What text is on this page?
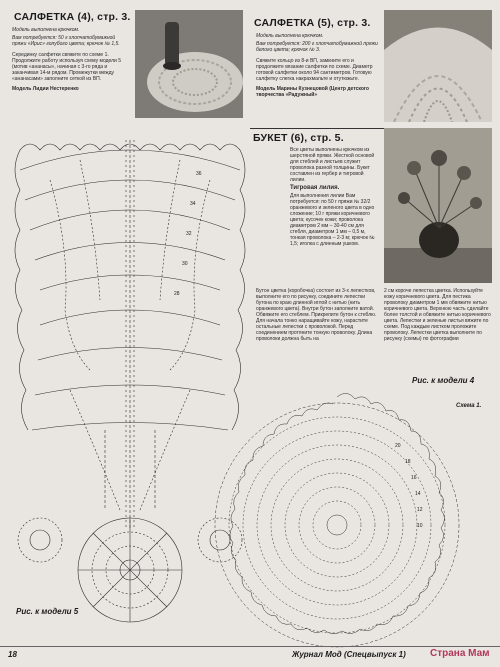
САЛФЕТКА (4), стр. 3.

Модель выполнена крючком.

Вам потребуется: 50 г хлопчатобумажной пряжи «Ирис» голубого цвета; крючок № 1,5.

Серединку салфетки свяжите по схеме 1. Продолжите работу используя схему модели 5 (мотив «ананасы», начиная с 3-го ряда и заканчивая 14-м рядом. Промежутки между «ананасами» заполните сеткой из ВП.

Модель Лидии Нестеренко

САЛФЕТКА (5), стр. 3.

Модель выполнена крючком.

Вам потребуется: 200 г хлопчатобумажной пряжи белого цвета; крючок № 3.

Свяжите кольцо из 8-и ВП, замкните его и продолжите вязание салфетки по схеме. Диаметр готовой салфетки около 94 сантиметров. Готовую салфетку слегка накрахмальте и отутюжьте.

Модель Марины Кузнецовой (Центр детского творчества «Радужный»

36
34
32
30
28
БУКЕТ (6), стр. 5.

Все цветы выполнены крючком из шерстяной пряжи. Жесткой основой для стеблей и листьев служит проволока разной толщины. Букет составлен из гербер и тигровой лилии.

Тигровая лилия.

Для выполнения лилии Вам потребуется: по 50 г пряжи № 32/2 оранжевого и зеленого цвета в одно сложение; 10 г пряжи коричневого цвета; кусочек кожи; проволока диаметром 2 мм – 30-40 см для стебля, диаметром 1 мм – 0,5 м, тонкая проволока – 2-3 м; крючок № 1,5; иголка с длинным ушком.

Бутон цветка (коробочка) состоит из 3-х лепестков, выполните его по рисунку, соедините лепестки бутона по краю длинной иглой с нитью (нить оранжевого цвета). Внутри бутон заполните ватой. Обвяжите его стеблем. Прикрепите бутон к стеблю. Для начала тонко наращивайте кожу, нарастите остальные лепестки с проволокой. Перед соединением протяните тонкую проволоку. Длина проволоки должна быть на

2 см короче лепестка цветка. Используйте кожу коричневого цвета. Для пестика проволоку диаметром 1 мм обвяжите нитью коричневого цвета. Верхнюю часть сделайте более толстой и обвяжите нитью коричневого цвета. Лепестки и зеленые листья вяжите по схеме. Под каждым листком проложите проволоку. Лепестки цветка выполните по рисунку (схемы) по фотографии

Рис. к модели 4
Схема 1.
20
18
16
14
12
10
Рис. к модели 5
18	Журнал Мод (Спецвыпуск 1) Страна Мам
